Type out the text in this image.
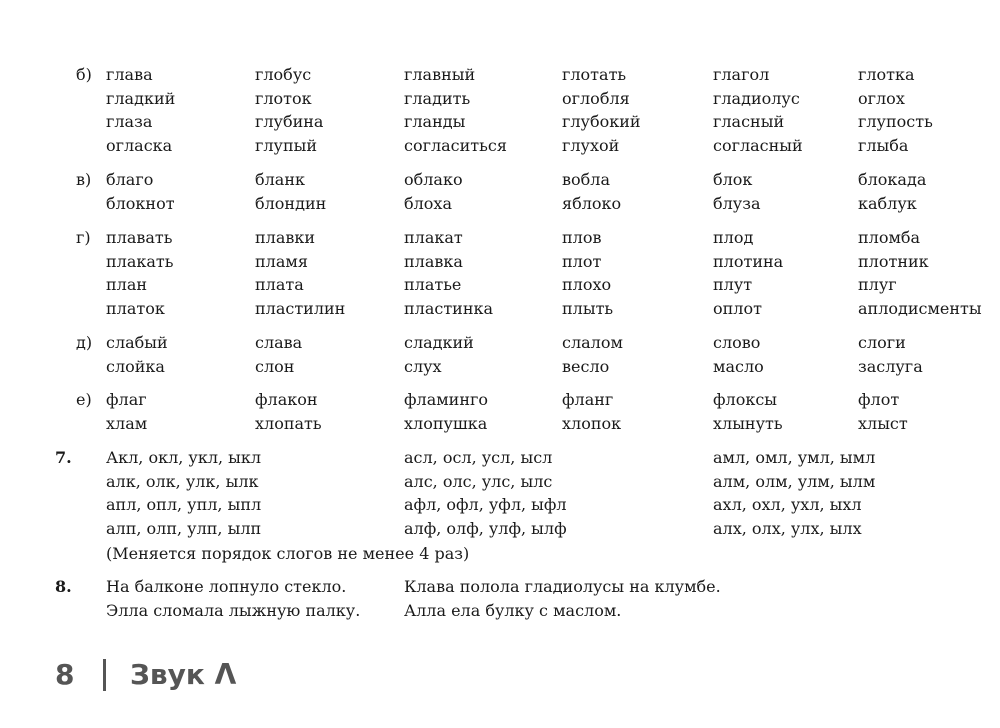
б) глава	глобус	главный	глотать	глагол	глотка
гладкий	глоток	гладить	оглобля	гладиолус	оглох
глаза	глубина	гланды	глубокий	гласный	глупость
огласка	глупый	согласиться	глухой	согласный	глыба
в) благо	бланк	облако	вобла	блок	блокада
блокнот	блондин	блоха	яблоко	блуза	каблук
г) плавать	плавки	плакат	плов	плод	пломба
плакать	пламя	плавка	плот	плотина	плотник
план	плата	платье	плохо	плут	плуг
платок	пластилин	пластинка	плыть	оплот	аплодисменты
д) слабый	слава	сладкий	слалом	слово	слоги
слойка	слон	слух	весло	масло	заслуга
е) флаг	флакон	фламинго	фланг	флоксы	флот
хлам	хлопать	хлопушка	хлопок	хлынуть	хлыст
7. Акл, окл, укл, ыкл	асл, осл, усл, ысл	амл, омл, умл, ымл
алк, олк, улк, ылк	алс, олс, улс, ылс	алм, олм, улм, ылм
апл, опл, упл, ыпл	афл, офл, уфл, ыфл	ахл, охл, ухл, ыхл
алп, олп, улп, ылп	алф, олф, улф, ылф	алх, олх, улх, ылх
(Меняется порядок слогов не менее 4 раз)
8. На балконе лопнуло стекло.	Клава полола гладиолусы на клумбе.
Элла сломала лыжную палку.	Алла ела булку с маслом.
8 Звук Λ
